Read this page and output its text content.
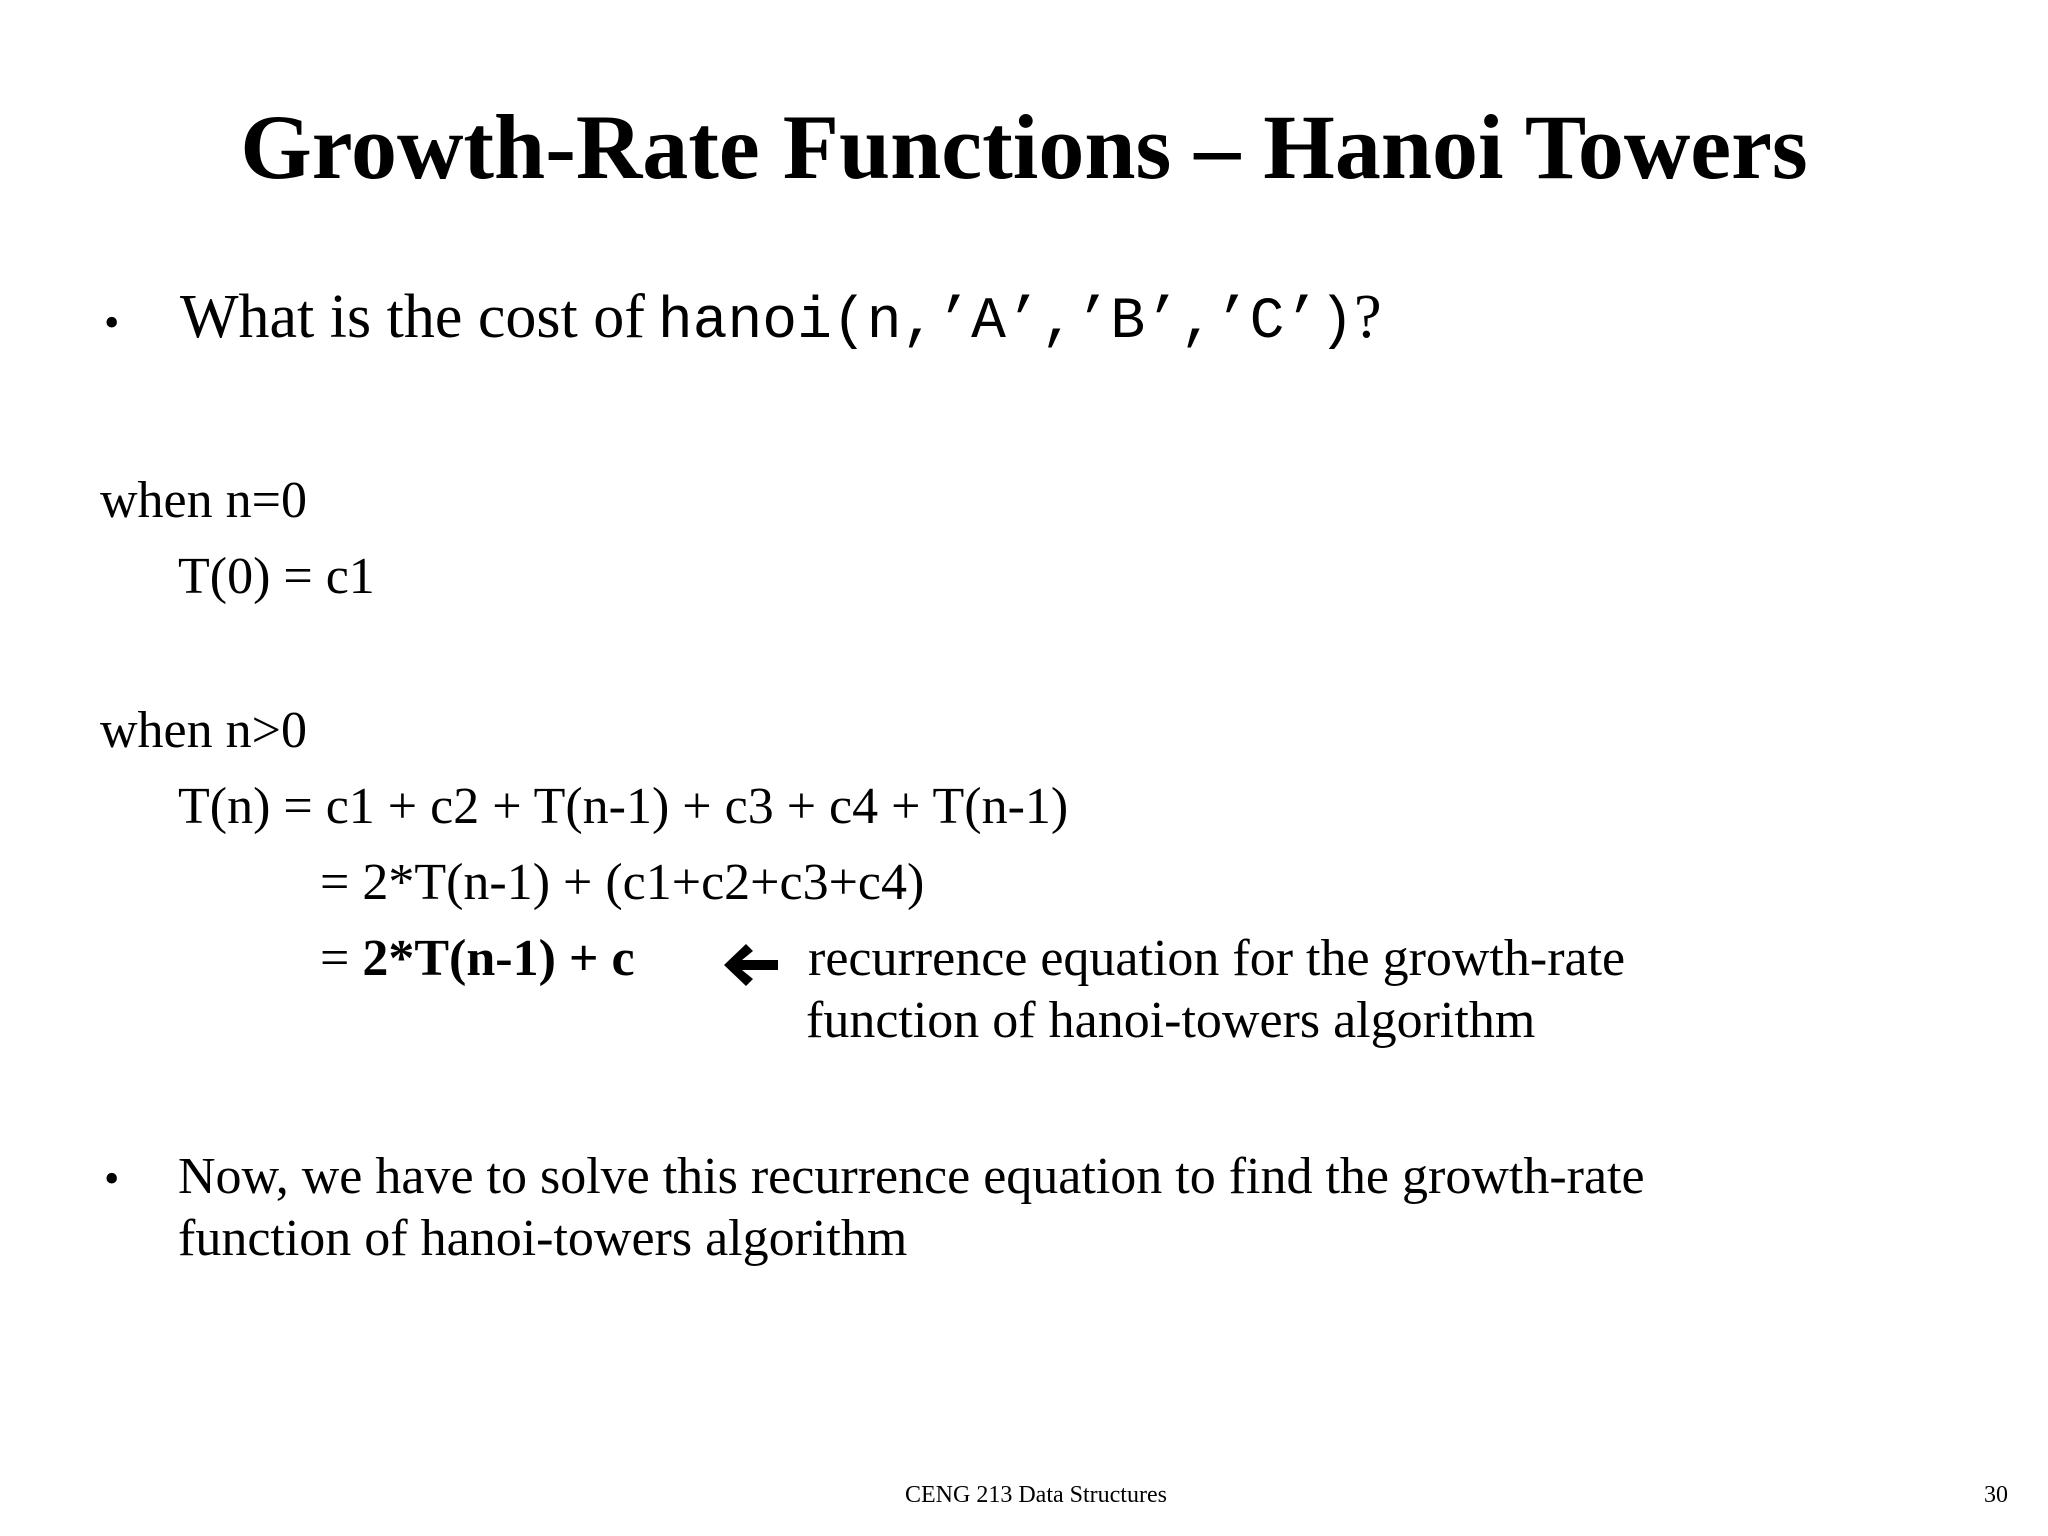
Growth-Rate Functions – Hanoi Towers
• What is the cost of hanoi(n,’A’,’B’,’C’)?
when n=0
T(0) = c1
when n>0
T(n) = c1 + c2 + T(n-1) + c3 + c4 + T(n-1)
= 2*T(n-1) + (c1+c2+c3+c4)
= 2*T(n-1) + c	recurrence equation for the growth-rate
function of hanoi-towers algorithm
• Now, we have to solve this recurrence equation to find the growth-rate
function of hanoi-towers algorithm
CENG 213 Data Structures	30
